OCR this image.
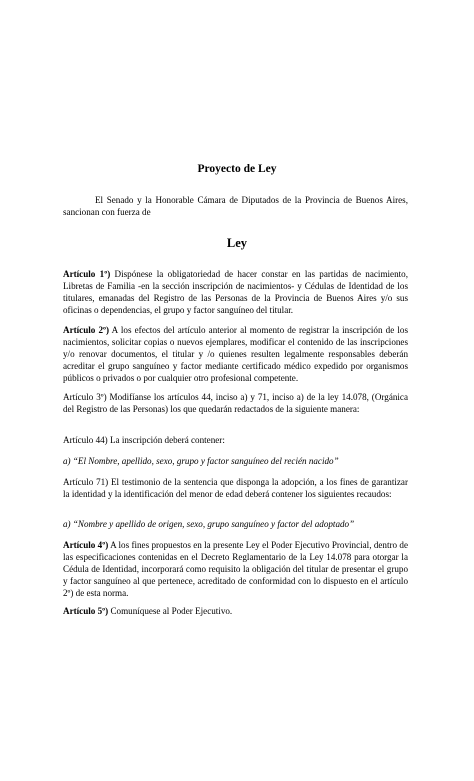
Proyecto de Ley
El Senado y la Honorable Cámara de Diputados de la Provincia de Buenos Aires, sancionan con fuerza de
Ley
Artículo 1º) Dispónese la obligatoriedad de hacer constar en las partidas de nacimiento, Libretas de Familia -en la sección inscripción de nacimientos- y Cédulas de Identidad de los titulares, emanadas del Registro de las Personas de la Provincia de Buenos Aires y/o sus oficinas o dependencias, el grupo y factor sanguíneo del titular.
Artículo 2º) A los efectos del artículo anterior al momento de registrar la inscripción de los nacimientos, solicitar copias o nuevos ejemplares, modificar el contenido de las inscripciones y/o renovar documentos, el titular y /o quienes resulten legalmente responsables deberán acreditar el grupo sanguíneo y factor mediante certificado médico expedido por organismos públicos o privados o por cualquier otro profesional competente.
Artículo 3º) Modifíanse los artículos 44, inciso a) y 71, inciso a) de la ley 14.078, (Orgánica del Registro de las Personas) los que quedarán redactados de la siguiente manera:
Artículo 44) La inscripción deberá contener:
a) “El Nombre, apellido, sexo, grupo y factor sanguíneo del recién nacido”
Artículo 71) El testimonio de la sentencia que disponga la adopción, a los fines de garantizar la identidad y la identificación del menor de edad deberá contener los siguientes recaudos:
a) “Nombre y apellido de origen, sexo, grupo sanguíneo y factor del adoptado”
Artículo 4º) A los fines propuestos en la presente Ley el Poder Ejecutivo Provincial, dentro de las especificaciones contenidas en el Decreto Reglamentario de la Ley 14.078 para otorgar la Cédula de Identidad, incorporará como requisito la obligación del titular de presentar el grupo y factor sanguíneo al que pertenece, acreditado de conformidad con lo dispuesto en el artículo 2º) de esta norma.
Artículo 5º) Comuníquese al Poder Ejecutivo.
